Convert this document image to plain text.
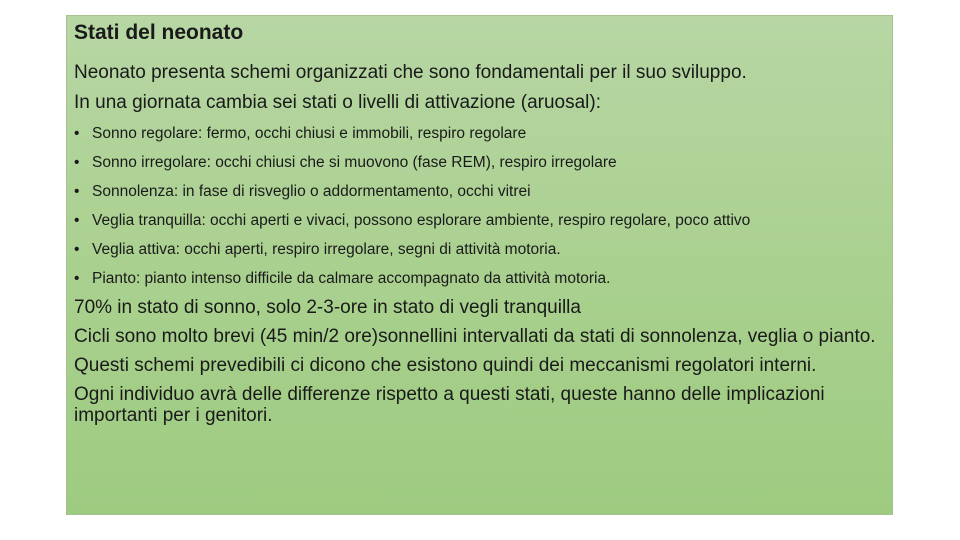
Stati del neonato
Neonato presenta schemi organizzati che sono fondamentali per il suo sviluppo.
In una giornata cambia sei stati o livelli di attivazione (aruosal):
• Sonno regolare: fermo, occhi chiusi e immobili, respiro regolare
• Sonno irregolare: occhi chiusi che si muovono (fase REM), respiro irregolare
• Sonnolenza: in fase di risveglio o addormentamento, occhi vitrei
• Veglia tranquilla: occhi aperti e vivaci, possono esplorare ambiente, respiro regolare, poco attivo
• Veglia attiva: occhi aperti, respiro irregolare, segni di attività motoria.
• Pianto: pianto intenso difficile da calmare accompagnato da attività motoria.

70% in stato di sonno, solo 2-3-ore in stato di vegli tranquilla

Cicli sono molto brevi (45 min/2 ore)sonnellini intervallati da stati di sonnolenza, veglia o pianto.

Questi schemi prevedibili ci dicono che esistono quindi dei meccanismi regolatori interni.

Ogni individuo avrà delle differenze rispetto a questi stati, queste hanno delle implicazioni importanti per i genitori.
